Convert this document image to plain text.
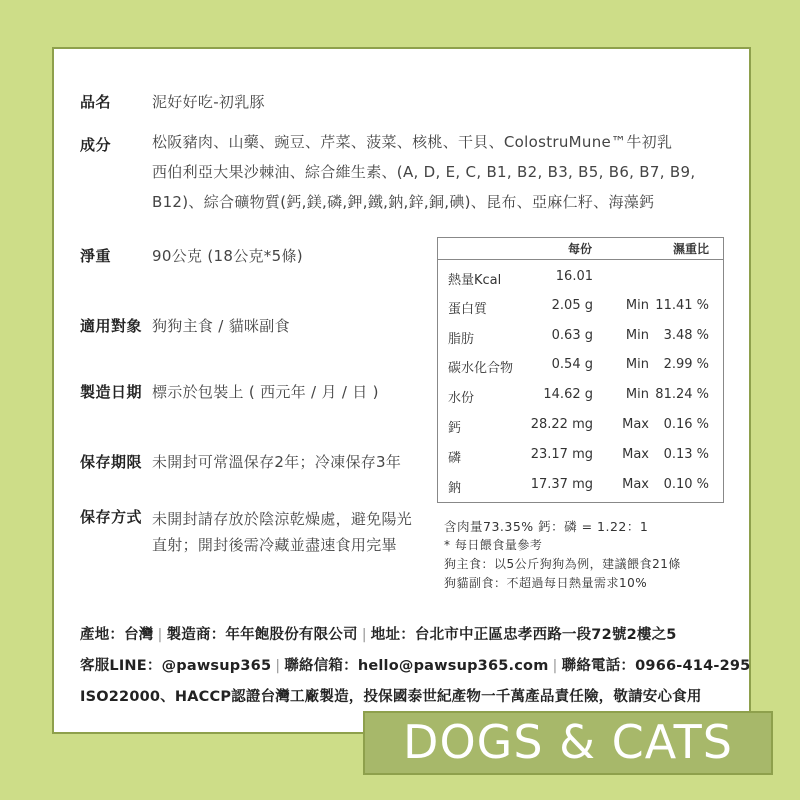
品名	泥好好吃-初乳豚
成分	松阪豬肉、山藥、豌豆、芹菜、菠菜、核桃、干貝、ColostruMune™牛初乳
西伯利亞大果沙棘油、綜合維生素、(A, D, E, C, B1, B2, B3, B5, B6, B7, B9,
B12)、綜合礦物質(鈣,鎂,磷,鉀,鐵,鈉,鋅,銅,碘)、昆布、亞麻仁籽、海藻鈣
淨重	90公克 (18公克*5條)
適用對象 狗狗主食 / 貓咪副食
製造日期 標示於包裝上 ( 西元年 / 月 / 日 )
保存期限 未開封可常溫保存2年；冷凍保存3年
保存方式 未開封請存放於陰涼乾燥處，避免陽光
直射；開封後需冷藏並盡速食用完畢
每份	濕重比
熱量Kcal	16.01
蛋白質	2.05 g	Min 11.41 %
脂肪	0.63 g	Min 3.48 %
碳水化合物	0.54 g	Min 2.99 %
水份	14.62 g	Min 81.24 %
鈣	28.22 mg Max 0.16 %
磷	23.17 mg Max 0.13 %
鈉	17.37 mg Max 0.10 %
含肉量73.35% 鈣：磷 = 1.22：1
* 每日餵食量參考
狗主食：以5公斤狗狗為例，建議餵食21條
狗貓副食：不超過每日熱量需求10%
產地：台灣 | 製造商：年年飽股份有限公司 | 地址：台北市中正區忠孝西路一段72號2樓之5
客服LINE：@pawsup365 | 聯絡信箱：hello@pawsup365.com | 聯絡電話：0966-414-295
ISO22000、HACCP認證台灣工廠製造，投保國泰世紀產物一千萬產品責任險，敬請安心食用
DOGS & CATS
